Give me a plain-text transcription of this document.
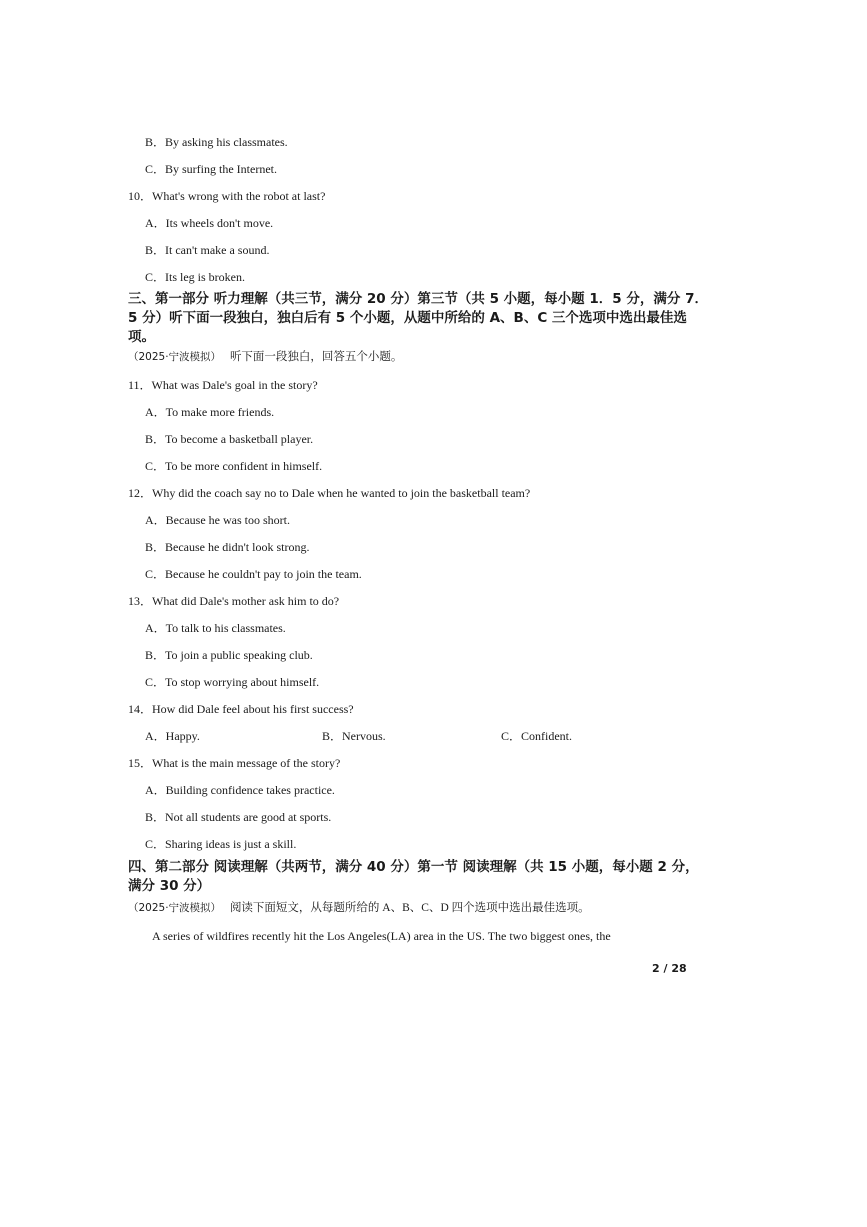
B．By asking his classmates.
C．By surfing the Internet.
10．What's wrong with the robot at last?
A．Its wheels don't move.
B．It can't make a sound.
C．Its leg is broken.
三、第一部分 听力理解（共三节，满分 20 分）第三节（共 5 小题，每小题 1．5 分，满分 7．
5 分）听下面一段独白，独白后有 5 个小题，从题中所给的 A、B、C 三个选项中选出最佳选
项。
（2025·宁波模拟） 听下面一段独白，回答五个小题。
11．What was Dale's goal in the story?
A．To make more friends.
B．To become a basketball player.
C．To be more confident in himself.
12．Why did the coach say no to Dale when he wanted to join the basketball team?
A．Because he was too short.
B．Because he didn't look strong.
C．Because he couldn't pay to join the team.
13．What did Dale's mother ask him to do?
A．To talk to his classmates.
B．To join a public speaking club.
C．To stop worrying about himself.
14．How did Dale feel about his first success?
A．Happy.	B．Nervous.	C．Confident.
15．What is the main message of the story?
A．Building confidence takes practice.
B．Not all students are good at sports.
C．Sharing ideas is just a skill.
四、第二部分 阅读理解（共两节，满分 40 分）第一节 阅读理解（共 15 小题，每小题 2 分，
满分 30 分）
（2025·宁波模拟） 阅读下面短文，从每题所给的 A、B、C、D 四个选项中选出最佳选项。
A series of wildfires recently hit the Los Angeles(LA) area in the US. The two biggest ones, the
2 / 28
